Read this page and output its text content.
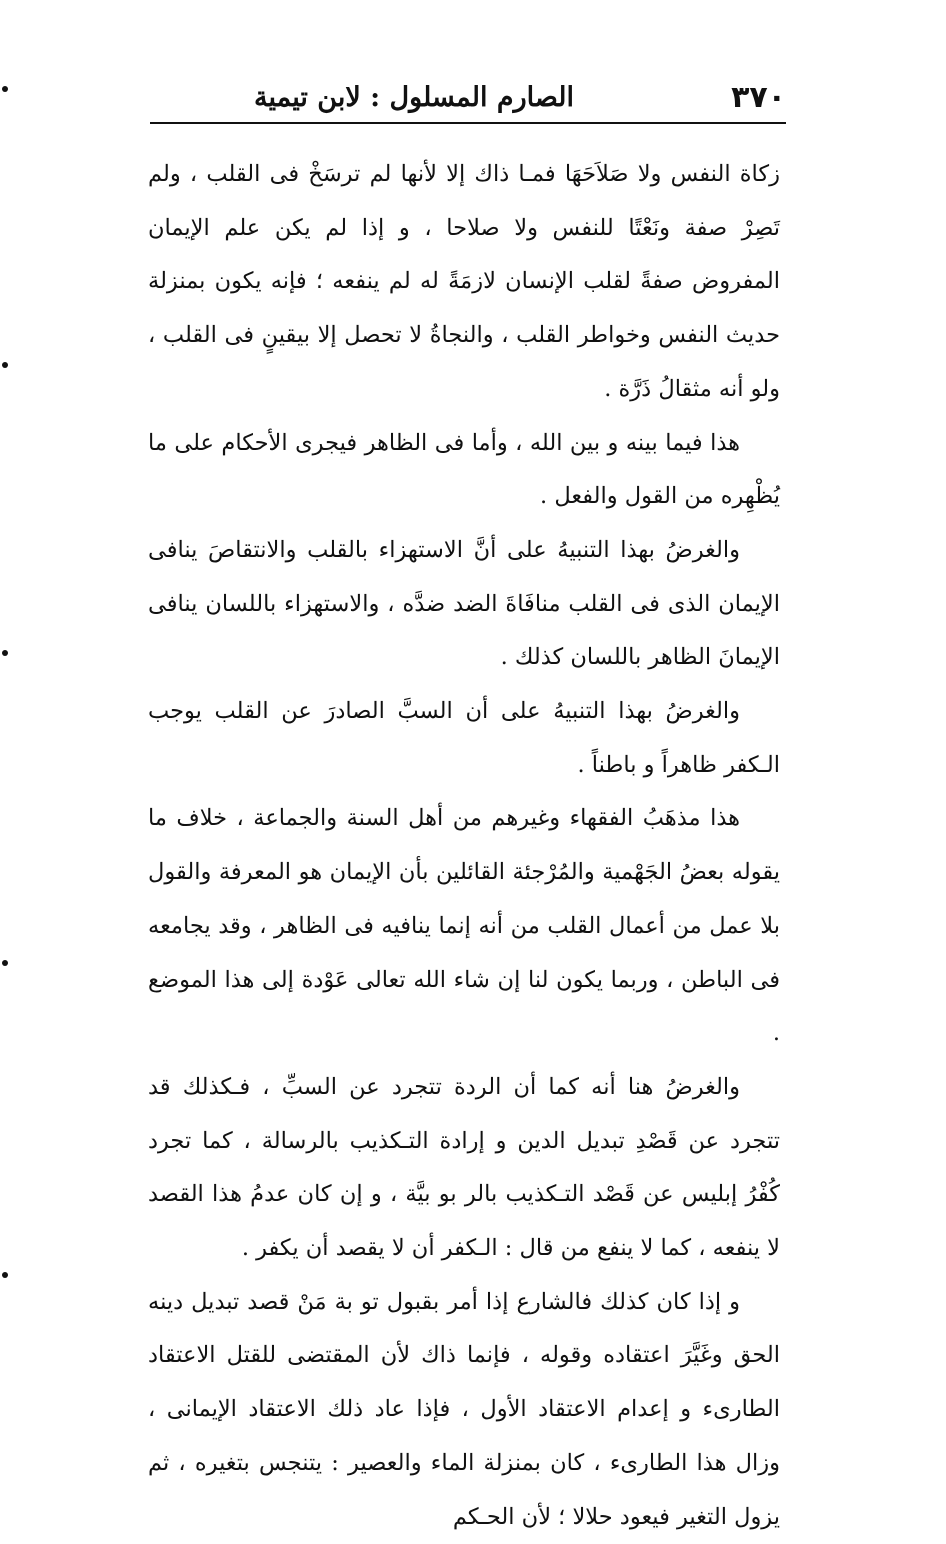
٣٧٠
الصارم المسلول : لابن تيمية

زكاة النفس ولا صَلاَحَهَا فمـا ذاك إلا لأنها لم ترسَخْ فى القلب ، ولم تَصِرْ صفة ونَعْتًا للنفس ولا صلاحا ، و إذا لم يكن علم الإيمان المفروض صفةً لقلب الإنسان لازمَةً له لم ينفعه ؛ فإنه يكون بمنزلة حديث النفس وخواطر القلب ، والنجاةُ لا تحصل إلا بيقينٍ فى القلب ، ولو أنه مثقالُ ذَرَّة .

هذا فيما بينه و بين الله ، وأما فى الظاهر فيجرى الأحكام على ما يُظْهِره من القول والفعل .

والغرضُ بهذا التنبيهُ على أنَّ الاستهزاء بالقلب والانتقاصَ ينافى الإيمان الذى فى القلب منافَاةَ الضد ضدَّه ، والاستهزاء باللسان ينافى الإيمانَ الظاهر باللسان كذلك .

والغرضُ بهذا التنبيهُ على أن السبَّ الصادرَ عن القلب يوجب الـكفر ظاهراً و باطناً .

هذا مذهَبُ الفقهاء وغيرهم من أهل السنة والجماعة ، خلاف ما يقوله بعضُ الجَهْمية والمُرْجئة القائلين بأن الإيمان هو المعرفة والقول بلا عمل من أعمال القلب من أنه إنما ينافيه فى الظاهر ، وقد يجامعه فى الباطن ، وربما يكون لنا إن شاء الله تعالى عَوْدة إلى هذا الموضع .

والغرضُ هنا أنه كما أن الردة تتجرد عن السبِّ ، فـكذلك قد تتجرد عن قَصْدِ تبديل الدين و إرادة التـكذيب بالرسالة ، كما تجرد كُفْرُ إبليس عن قَصْد التـكذيب بالر بو بيَّة ، و إن كان عدمُ هذا القصد لا ينفعه ، كما لا ينفع من قال : الـكفر أن لا يقصد أن يكفر .

و إذا كان كذلك فالشارع إذا أمر بقبول تو بة مَنْ قصد تبديل دينه الحق وغَيَّرَ اعتقاده وقوله ، فإنما ذاك لأن المقتضى للقتل الاعتقاد الطارىء و إعدام الاعتقاد الأول ، فإذا عاد ذلك الاعتقاد الإيمانى ، وزال هذا الطارىء ، كان بمنزلة الماء والعصير : يتنجس بتغيره ، ثم يزول التغير فيعود حلالا ؛ لأن الحـكم
